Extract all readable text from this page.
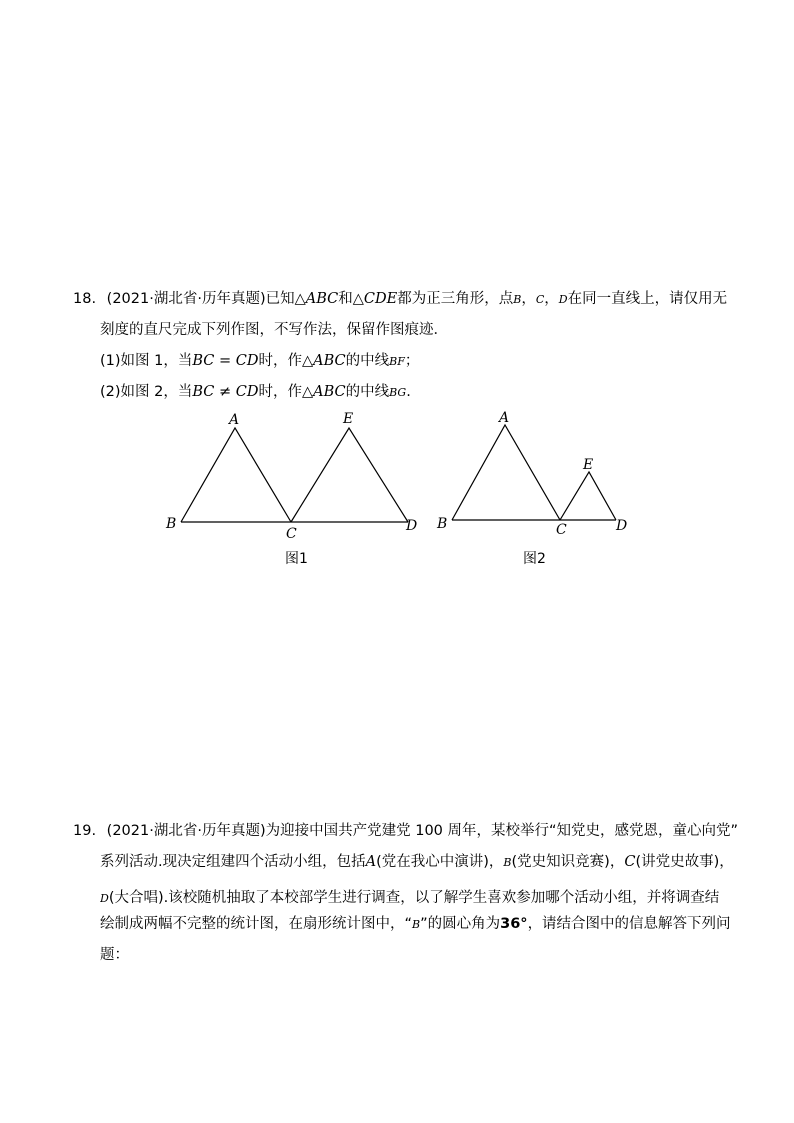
18. (2021·湖北省·历年真题)已知△ABC和△CDE都为正三角形，点B，C，D在同一直线上，请仅用无
刻度的直尺完成下列作图，不写作法，保留作图痕迹．
(1)如图 1，当BC = CD时，作△ABC的中线BF；
(2)如图 2，当BC ≠ CD时，作△ABC的中线BG.
A
B
C	D
E	A
B	C	D
E
图1	图2
19. (2021·湖北省·历年真题)为迎接中国共产党建党 100 周年，某校举行“知党史，感党恩，童心向党”
系列活动.现决定组建四个活动小组，包括A(党在我心中演讲)，B(党史知识竞赛)，C(讲党史故事)，
D(大合唱).该校随机抽取了本校部学生进行调查，以了解学生喜欢参加哪个活动小组，并将调查结
绘制成两幅不完整的统计图，在扇形统计图中，“B”的圆心角为36°，请结合图中的信息解答下列问
题：
